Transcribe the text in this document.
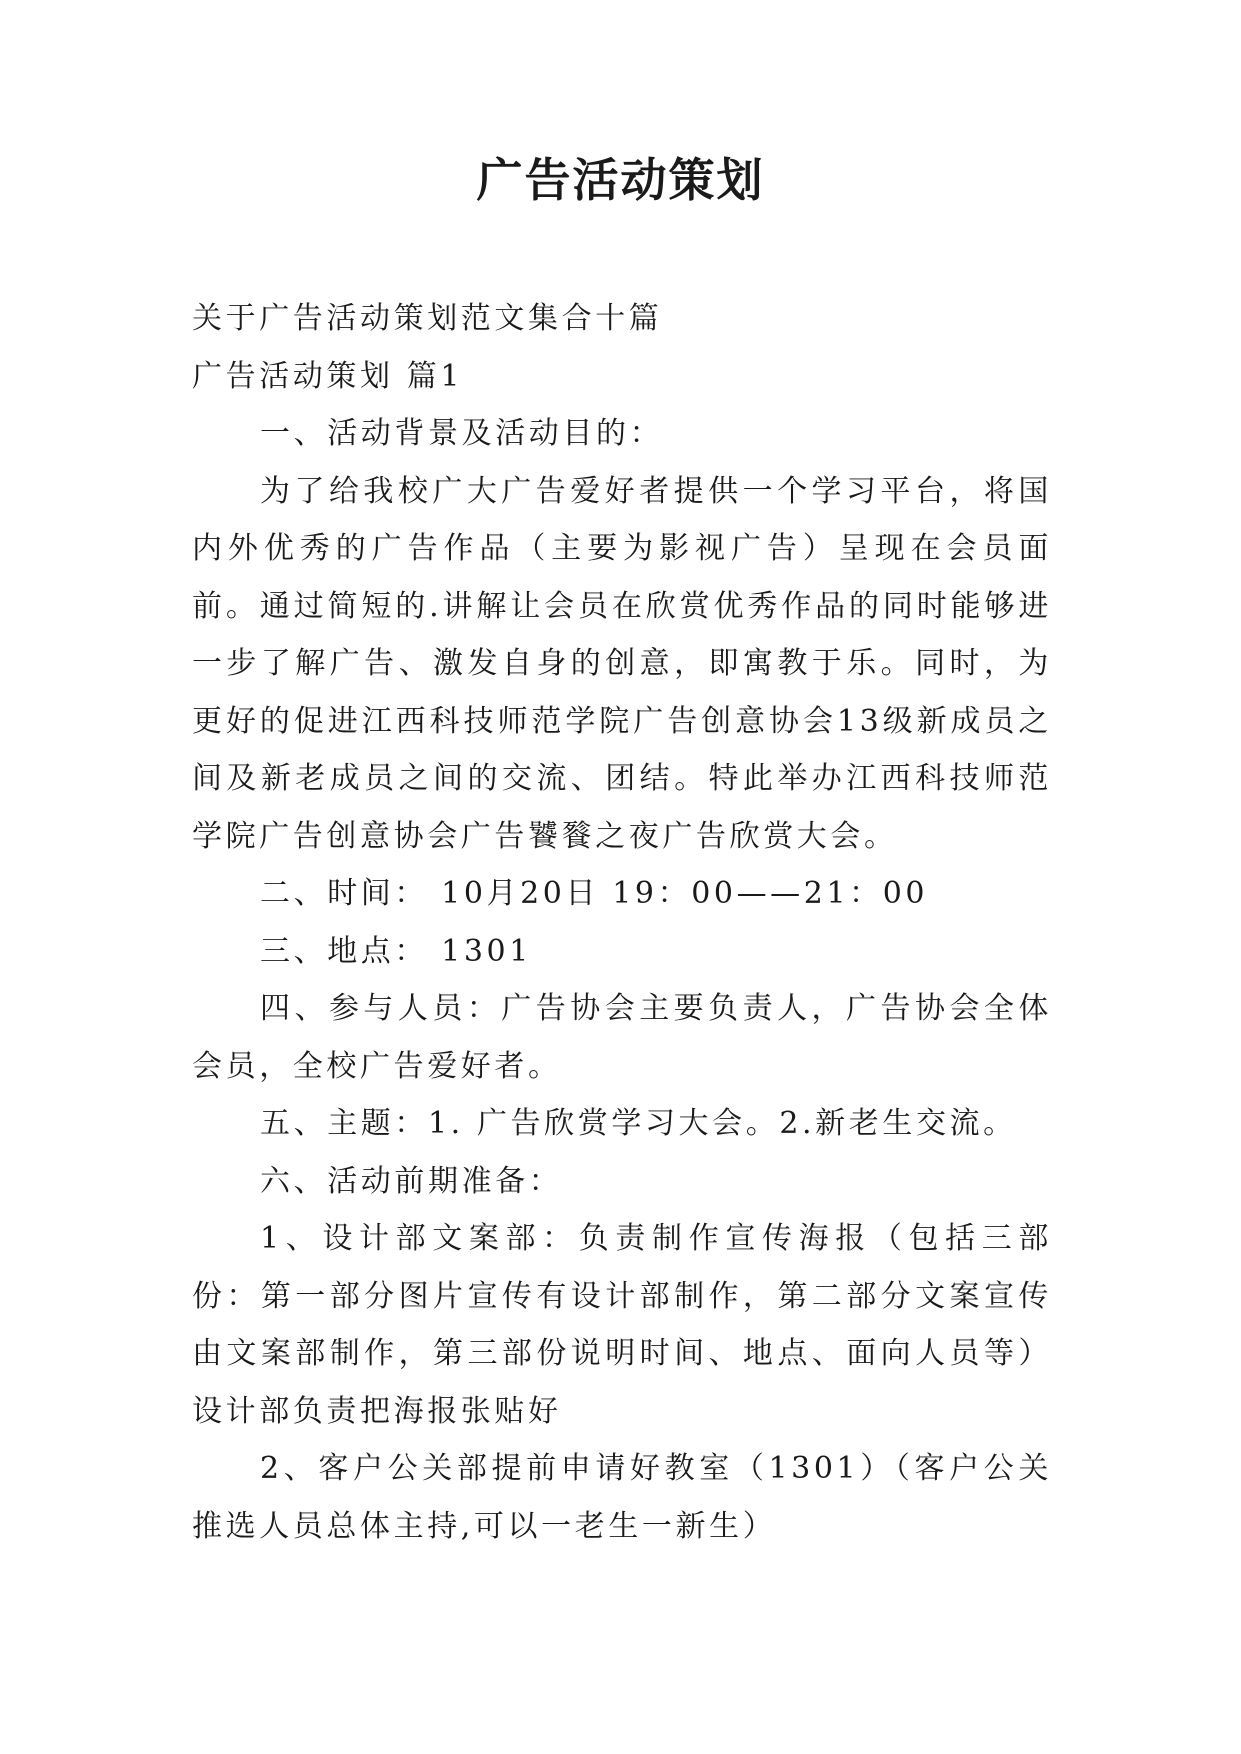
广告活动策划

关于广告活动策划范文集合十篇

广告活动策划 篇1

一、活动背景及活动目的：

为了给我校广大广告爱好者提供一个学习平台，将国内外优秀的广告作品（主要为影视广告）呈现在会员面前。通过简短的.讲解让会员在欣赏优秀作品的同时能够进一步了解广告、激发自身的创意，即寓教于乐。同时，为更好的促进江西科技师范学院广告创意协会13级新成员之间及新老成员之间的交流、团结。特此举办江西科技师范学院广告创意协会广告饕餮之夜广告欣赏大会。

二、时间： 10月20日 19：00——21：00

三、地点： 1301

四、参与人员：广告协会主要负责人，广告协会全体会员，全校广告爱好者。

五、主题：1. 广告欣赏学习大会。2.新老生交流。

六、活动前期准备：

1、设计部文案部：负责制作宣传海报（包括三部份：第一部分图片宣传有设计部制作，第二部分文案宣传由文案部制作，第三部份说明时间、地点、面向人员等）设计部负责把海报张贴好

2、客户公关部提前申请好教室（1301）（客户公关推选人员总体主持,可以一老生一新生）
